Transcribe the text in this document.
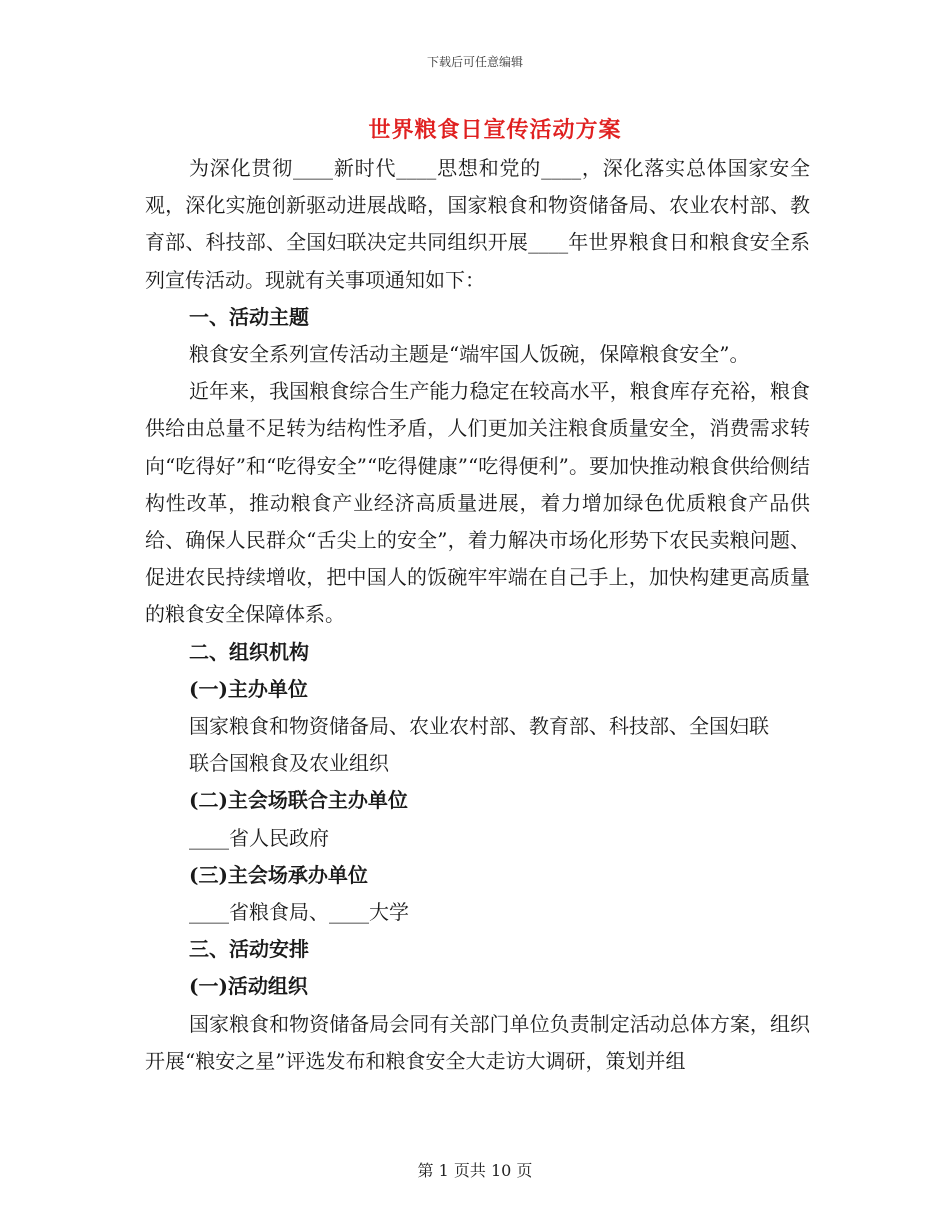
下载后可任意编辑
世界粮食日宣传活动方案

为深化贯彻____新时代____思想和党的____，深化落实总体国家安全观，深化实施创新驱动进展战略，国家粮食和物资储备局、农业农村部、教育部、科技部、全国妇联决定共同组织开展____年世界粮食日和粮食安全系列宣传活动。现就有关事项通知如下：

一、活动主题

粮食安全系列宣传活动主题是“端牢国人饭碗，保障粮食安全”。

近年来，我国粮食综合生产能力稳定在较高水平，粮食库存充裕，粮食供给由总量不足转为结构性矛盾，人们更加关注粮食质量安全，消费需求转向“吃得好”和“吃得安全”“吃得健康”“吃得便利”。要加快推动粮食供给侧结构性改革，推动粮食产业经济高质量进展，着力增加绿色优质粮食产品供给、确保人民群众“舌尖上的安全”，着力解决市场化形势下农民卖粮问题、促进农民持续增收，把中国人的饭碗牢牢端在自己手上，加快构建更高质量的粮食安全保障体系。

二、组织机构

(一)主办单位

国家粮食和物资储备局、农业农村部、教育部、科技部、全国妇联

联合国粮食及农业组织

(二)主会场联合主办单位

____省人民政府

(三)主会场承办单位

____省粮食局、____大学

三、活动安排

(一)活动组织

国家粮食和物资储备局会同有关部门单位负责制定活动总体方案，组织开展“粮安之星”评选发布和粮食安全大走访大调研，策划并组

第 1 页共 10 页
